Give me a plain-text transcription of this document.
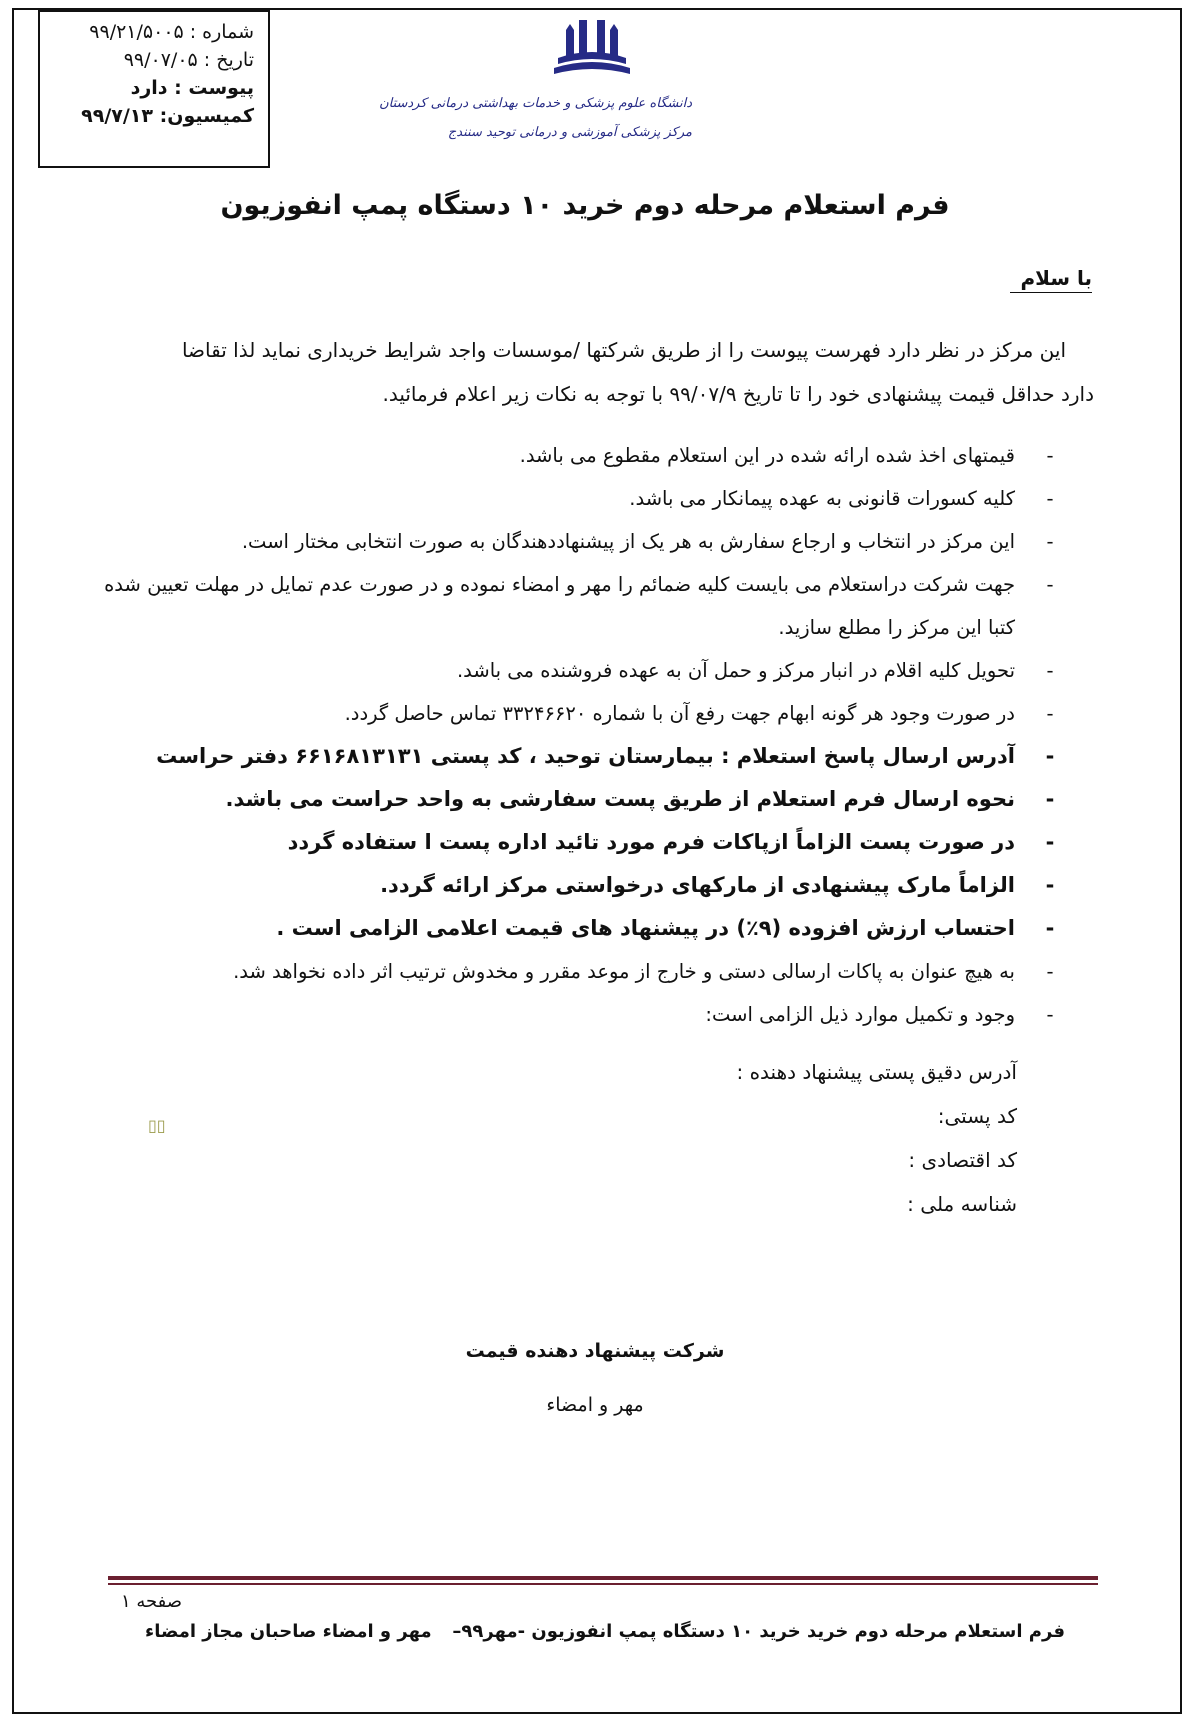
شماره :۹۹/۲۱/۵۰۰۵
تاریخ :۹۹/۰۷/۰۵
پیوست : دارد
کمیسیون: ۹۹/۷/۱۳
دانشگاه علوم پزشکی و خدمات بهداشتی درمانی کردستان
مرکز پزشکی آموزشی و درمانی توحید سنندج
فرم استعلام مرحله دوم خرید ۱۰ دستگاه پمپ انفوزیون
با سلام
این مرکز در نظر دارد فهرست پیوست را از طریق شرکتها /موسسات واجد شرایط خریداری نماید لذا تقاضا
دارد حداقل قیمت پیشنهادی خود را تا تاریخ ۹۹/۰۷/۹ با توجه به نکات زیر اعلام فرمائید.
-
قیمتهای اخذ شده ارائه شده در این استعلام مقطوع می باشد.
-
کلیه کسورات قانونی به عهده پیمانکار می باشد.
-
این مرکز در انتخاب و ارجاع سفارش به هر یک از پیشنهاددهندگان به صورت انتخابی مختار است.
-
جهت شرکت دراستعلام می بایست کلیه ضمائم را مهر و امضاء نموده و در صورت عدم تمایل در مهلت تعیین شده کتبا این مرکز را مطلع سازید.
-
تحویل کلیه اقلام در انبار مرکز و حمل آن به عهده فروشنده می باشد.
-
در صورت وجود هر گونه ابهام جهت رفع آن با شماره ۳۳۲۴۶۶۲۰ تماس حاصل گردد.
-
آدرس ارسال پاسخ استعلام : بیمارستان توحید ، کد پستی ۶۶۱۶۸۱۳۱۳۱ دفتر حراست
-
نحوه ارسال فرم استعلام از طریق پست سفارشی به واحد حراست می باشد.
-
در صورت پست الزاماً ازپاکات فرم مورد تائید اداره پست ا ستفاده گردد
-
الزاماً مارک پیشنهادی از مارکهای درخواستی مرکز ارائه گردد.
-
احتساب ارزش افزوده (۹٪) در پیشنهاد های قیمت اعلامی الزامی است .
-
به هیچ عنوان به پاکات ارسالی دستی و خارج از موعد مقرر و مخدوش ترتیب اثر داده نخواهد شد.
-
وجود و تکمیل موارد ذیل الزامی است:
آدرس دقیق پستی پیشنهاد دهنده :
کد پستی:
کد اقتصادی :
شناسه ملی :
▯▯
شرکت پیشنهاد دهنده قیمت
مهر و امضاء
صفحه ۱
مهر و امضاء صاحبان مجاز امضاء فرم استعلام مرحله دوم خرید خرید ۱۰ دستگاه پمپ انفوزیون -مهر۹۹–
